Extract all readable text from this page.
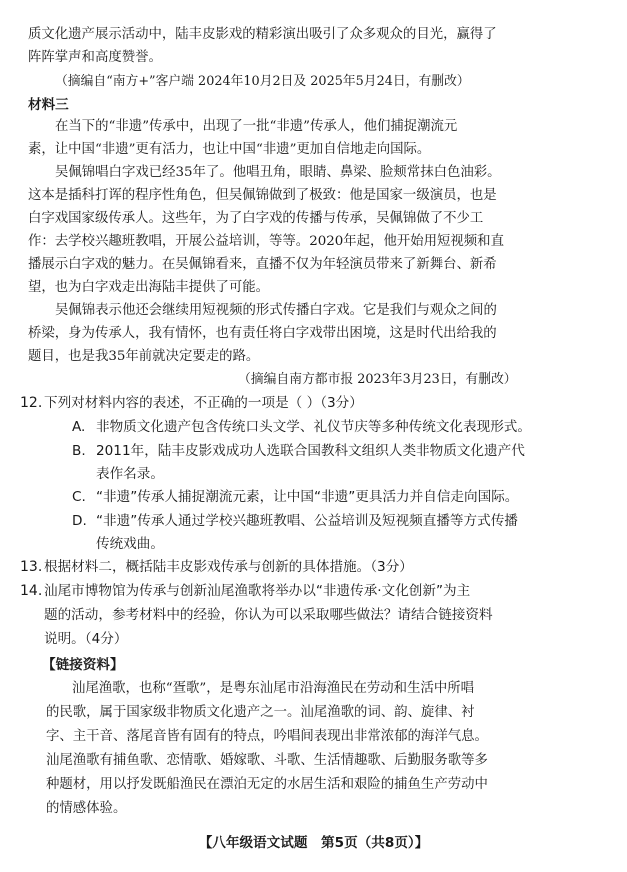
质文化遗产展示活动中，陆丰皮影戏的精彩演出吸引了众多观众的目光，赢得了
阵阵掌声和高度赞誉。
（摘编自“南方+”客户端 2024年10月2日及 2025年5月24日，有删改）
材料三
在当下的“非遗”传承中，出现了一批“非遗”传承人，他们捕捉潮流元
素，让中国“非遗”更有活力，也让中国“非遗”更加自信地走向国际。
吴佩锦唱白字戏已经35年了。他唱丑角，眼睛、鼻梁、脸颊常抹白色油彩。
这本是插科打诨的程序性角色，但吴佩锦做到了极致：他是国家一级演员，也是
白字戏国家级传承人。这些年，为了白字戏的传播与传承，吴佩锦做了不少工
作：去学校兴趣班教唱，开展公益培训，等等。2020年起，他开始用短视频和直
播展示白字戏的魅力。在吴佩锦看来，直播不仅为年轻演员带来了新舞台、新希
望，也为白字戏走出海陆丰提供了可能。
吴佩锦表示他还会继续用短视频的形式传播白字戏。它是我们与观众之间的
桥梁，身为传承人，我有情怀，也有责任将白字戏带出困境，这是时代出给我的
题目，也是我35年前就决定要走的路。
（摘编自南方都市报 2023年3月23日，有删改）
12. 下列对材料内容的表述，不正确的一项是（ ）（3分）
A. 非物质文化遗产包含传统口头文学、礼仪节庆等多种传统文化表现形式。
B. 2011年，陆丰皮影戏成功人选联合国教科文组织人类非物质文化遗产代
表作名录。
C. “非遗”传承人捕捉潮流元素，让中国“非遗”更具活力并自信走向国际。
D. “非遗”传承人通过学校兴趣班教唱、公益培训及短视频直播等方式传播
传统戏曲。
13. 根据材料二，概括陆丰皮影戏传承与创新的具体措施。（3分）
14. 汕尾市博物馆为传承与创新汕尾渔歌将举办以“非遗传承·文化创新”为主
题的活动，参考材料中的经验，你认为可以采取哪些做法？请结合链接资料
说明。（4分）
【链接资料】
汕尾渔歌，也称“疍歌”，是粤东汕尾市沿海渔民在劳动和生活中所唱
的民歌，属于国家级非物质文化遗产之一。汕尾渔歌的词、韵、旋律、衬
字、主干音、落尾音皆有固有的特点，吟唱间表现出非常浓郁的海洋气息。
汕尾渔歌有捕鱼歌、恋情歌、婚嫁歌、斗歌、生活情趣歌、后勤服务歌等多
种题材，用以抒发既船渔民在漂泊无定的水居生活和艰险的捕鱼生产劳动中
的情感体验。
【八年级语文试题　第5页（共8页）】
